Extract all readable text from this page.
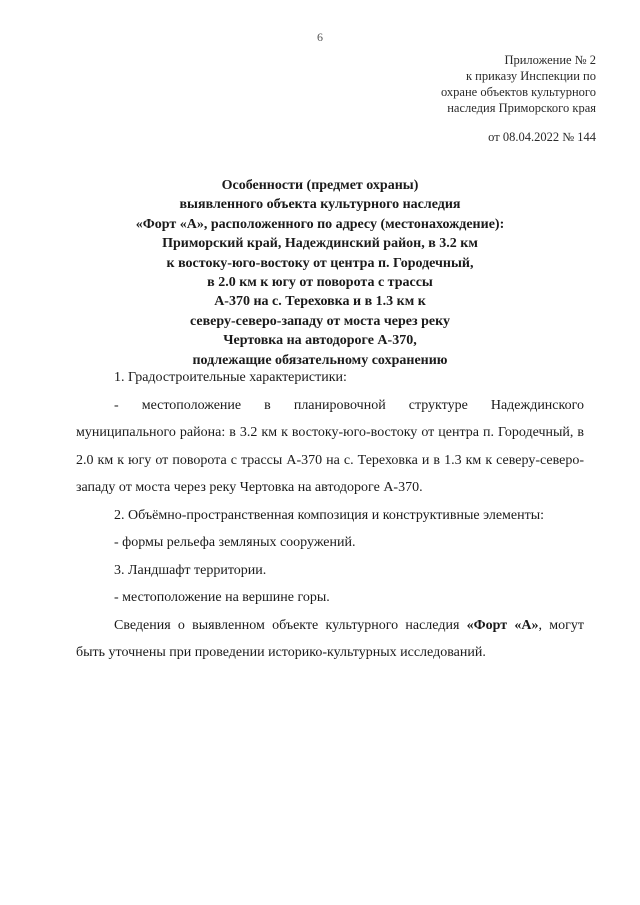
6
Приложение № 2
к приказу Инспекции по
охране объектов культурного
наследия Приморского края
от 08.04.2022 № 144
Особенности (предмет охраны)
выявленного объекта культурного наследия
«Форт «А», расположенного по адресу (местонахождение):
Приморский край, Надеждинский район, в 3.2 км
к востоку-юго-востоку от центра п. Городечный,
в 2.0 км к югу от поворота с трассы
А-370 на с. Тереховка и в 1.3 км к
северу-северо-западу от моста через реку
Чертовка на автодороге А-370,
подлежащие обязательному сохранению

1. Градостроительные характеристики:

- местоположение в планировочной структуре Надеждинского муниципального района: в 3.2 км к востоку-юго-востоку от центра п. Городечный, в 2.0 км к югу от поворота с трассы А-370 на с. Тереховка и в 1.3 км к северу-северо-западу от моста через реку Чертовка на автодороге А-370.

2. Объёмно-пространственная композиция и конструктивные элементы:

- формы рельефа земляных сооружений.

3. Ландшафт территории.

- местоположение на вершине горы.

Сведения о выявленном объекте культурного наследия «Форт «А», могут быть уточнены при проведении историко-культурных исследований.
